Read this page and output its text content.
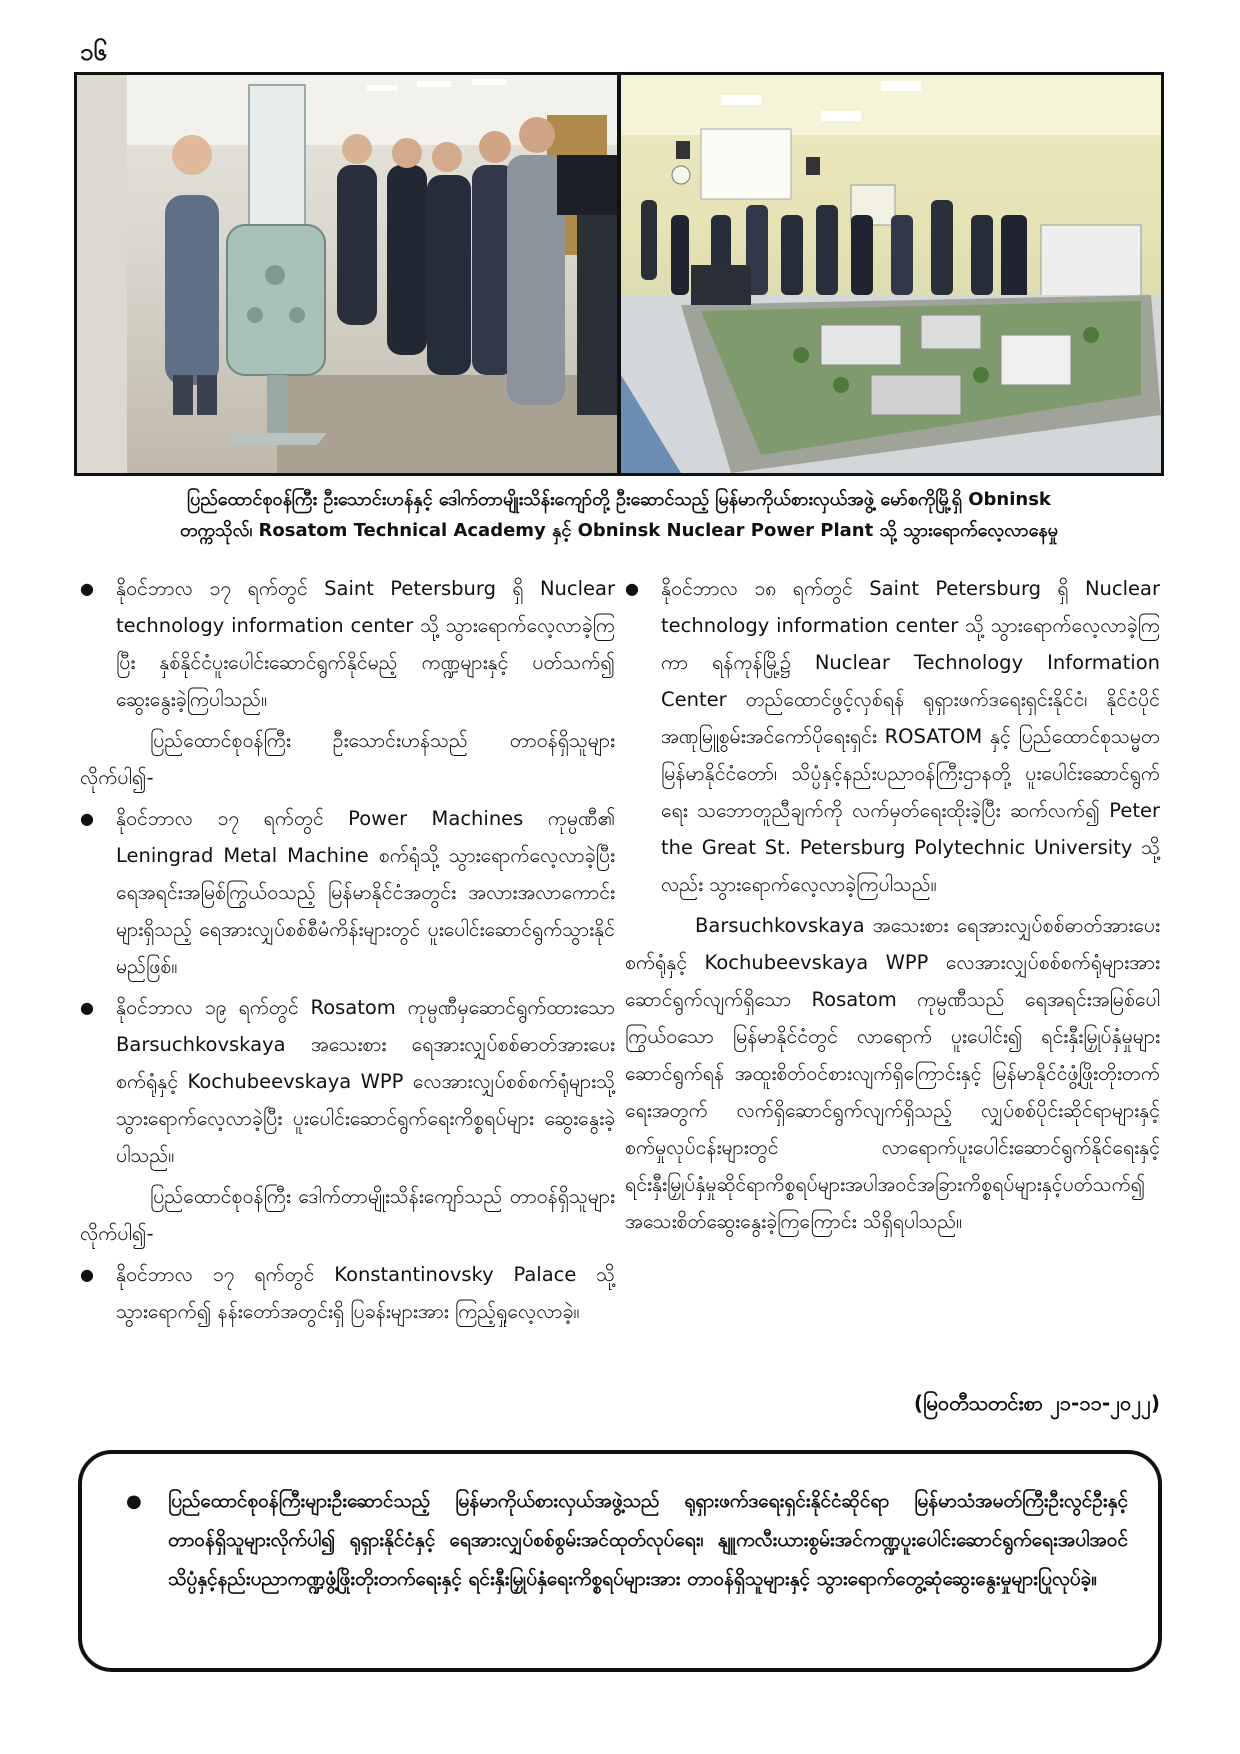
၁၆

ပြည်ထောင်စုဝန်ကြီး ဦးသောင်းဟန်နှင့် ဒေါက်တာမျိုးသိန်းကျော်တို့ ဦးဆောင်သည့် မြန်မာကိုယ်စားလှယ်အဖွဲ့ မော်စကိုမြို့ရှိ Obninsk

တက္ကသိုလ်၊ Rosatom Technical Academy နှင့် Obninsk Nuclear Power Plant သို့ သွားရောက်လေ့လာနေမှု

● နိုဝင်ဘာလ ၁၇ ရက်တွင် Saint Petersburg ရှိ Nuclear technology information center သို့ သွားရောက်လေ့လာခဲ့ကြပြီး နှစ်နိုင်ငံပူးပေါင်းဆောင်ရွက်နိုင်မည့် ကဏ္ဍများနှင့် ပတ်သက်၍ ဆွေးနွေးခဲ့ကြပါသည်။

ပြည်ထောင်စုဝန်ကြီး ဦးသောင်းဟန်သည် တာဝန်ရှိသူများလိုက်ပါ၍-

● နိုဝင်ဘာလ ၁၇ ရက်တွင် Power Machines ကုမ္ပဏီ၏ Leningrad Metal Machine စက်ရုံသို့ သွားရောက်လေ့လာခဲ့ပြီး ရေအရင်းအမြစ်ကြွယ်ဝသည့် မြန်မာနိုင်ငံအတွင်း အလားအလာကောင်းများရှိသည့် ရေအားလျှပ်စစ်စီမံကိန်းများတွင် ပူးပေါင်းဆောင်ရွက်သွားနိုင်မည်ဖြစ်။

● နိုဝင်ဘာလ ၁၉ ရက်တွင် Rosatom ကုမ္ပဏီမှဆောင်ရွက်ထားသော Barsuchkovskaya အသေးစား ရေအားလျှပ်စစ်ဓာတ်အားပေးစက်ရုံနှင့် Kochubeevskaya WPP လေအားလျှပ်စစ်စက်ရုံများသို့ သွားရောက်လေ့လာခဲ့ပြီး ပူးပေါင်းဆောင်ရွက်ရေးကိစ္စရပ်များ ဆွေးနွေးခဲ့ပါသည်။

ပြည်ထောင်စုဝန်ကြီး ဒေါက်တာမျိုးသိန်းကျော်သည် တာဝန်ရှိသူများလိုက်ပါ၍-

● နိုဝင်ဘာလ ၁၇ ရက်တွင် Konstantinovsky Palace သို့ သွားရောက်၍ နန်းတော်အတွင်းရှိ ပြခန်းများအား ကြည့်ရှုလေ့လာခဲ့။

● နိုဝင်ဘာလ ၁၈ ရက်တွင် Saint Petersburg ရှိ Nuclear technology information center သို့ သွားရောက်လေ့လာခဲ့ကြကာ ရန်ကုန်မြို့၌ Nuclear Technology Information Center တည်ထောင်ဖွင့်လှစ်ရန် ရုရှားဖက်ဒရေးရှင်းနိုင်ငံ၊ နိုင်ငံပိုင်အဏုမြူစွမ်းအင်ကော်ပိုရေးရှင်း ROSATOM နှင့် ပြည်ထောင်စုသမ္မတမြန်မာနိုင်ငံတော်၊ သိပ္ပံနှင့်နည်းပညာဝန်ကြီးဌာနတို့ ပူးပေါင်းဆောင်ရွက်ရေး သဘောတူညီချက်ကို လက်မှတ်ရေးထိုးခဲ့ပြီး ဆက်လက်၍ Peter the Great St. Petersburg Polytechnic University သို့လည်း သွားရောက်လေ့လာခဲ့ကြပါသည်။

Barsuchkovskaya အသေးစား ရေအားလျှပ်စစ်ဓာတ်အားပေးစက်ရုံနှင့် Kochubeevskaya WPP လေအားလျှပ်စစ်စက်ရုံများအား ဆောင်ရွက်လျက်ရှိသော Rosatom ကုမ္ပဏီသည် ရေအရင်းအမြစ်ပေါကြွယ်ဝသော မြန်မာနိုင်ငံတွင် လာရောက် ပူးပေါင်း၍ ရင်းနှီးမြှုပ်နှံမှုများဆောင်ရွက်ရန် အထူးစိတ်ဝင်စားလျက်ရှိကြောင်းနှင့် မြန်မာနိုင်ငံဖွံ့ဖြိုးတိုးတက်ရေးအတွက် လက်ရှိဆောင်ရွက်လျက်ရှိသည့် လျှပ်စစ်ပိုင်းဆိုင်ရာများနှင့် စက်မှုလုပ်ငန်းများတွင် လာရောက်ပူးပေါင်းဆောင်ရွက်နိုင်ရေးနှင့် ရင်းနှီးမြှုပ်နှံမှုဆိုင်ရာကိစ္စရပ်များအပါအဝင်အခြားကိစ္စရပ်များနှင့်ပတ်သက်၍ အသေးစိတ်ဆွေးနွေးခဲ့ကြကြောင်း သိရှိရပါသည်။

(မြဝတီသတင်းစာ ၂၁-၁၁-၂၀၂၂)

● ပြည်ထောင်စုဝန်ကြီးများဦးဆောင်သည့် မြန်မာကိုယ်စားလှယ်အဖွဲ့သည် ရုရှားဖက်ဒရေးရှင်းနိုင်ငံဆိုင်ရာ မြန်မာသံအမတ်ကြီးဦးလွင်ဦးနှင့် တာဝန်ရှိသူများလိုက်ပါ၍ ရုရှားနိုင်ငံနှင့် ရေအားလျှပ်စစ်စွမ်းအင်ထုတ်လုပ်ရေး၊ နျူကလီးယားစွမ်းအင်ကဏ္ဍပူးပေါင်းဆောင်ရွက်ရေးအပါအဝင် သိပ္ပံနှင့်နည်းပညာကဏ္ဍဖွံ့ဖြိုးတိုးတက်ရေးနှင့် ရင်းနှီးမြှုပ်နှံရေးကိစ္စရပ်များအား တာဝန်ရှိသူများနှင့် သွားရောက်တွေ့ဆုံဆွေးနွေးမှုများပြုလုပ်ခဲ့။
